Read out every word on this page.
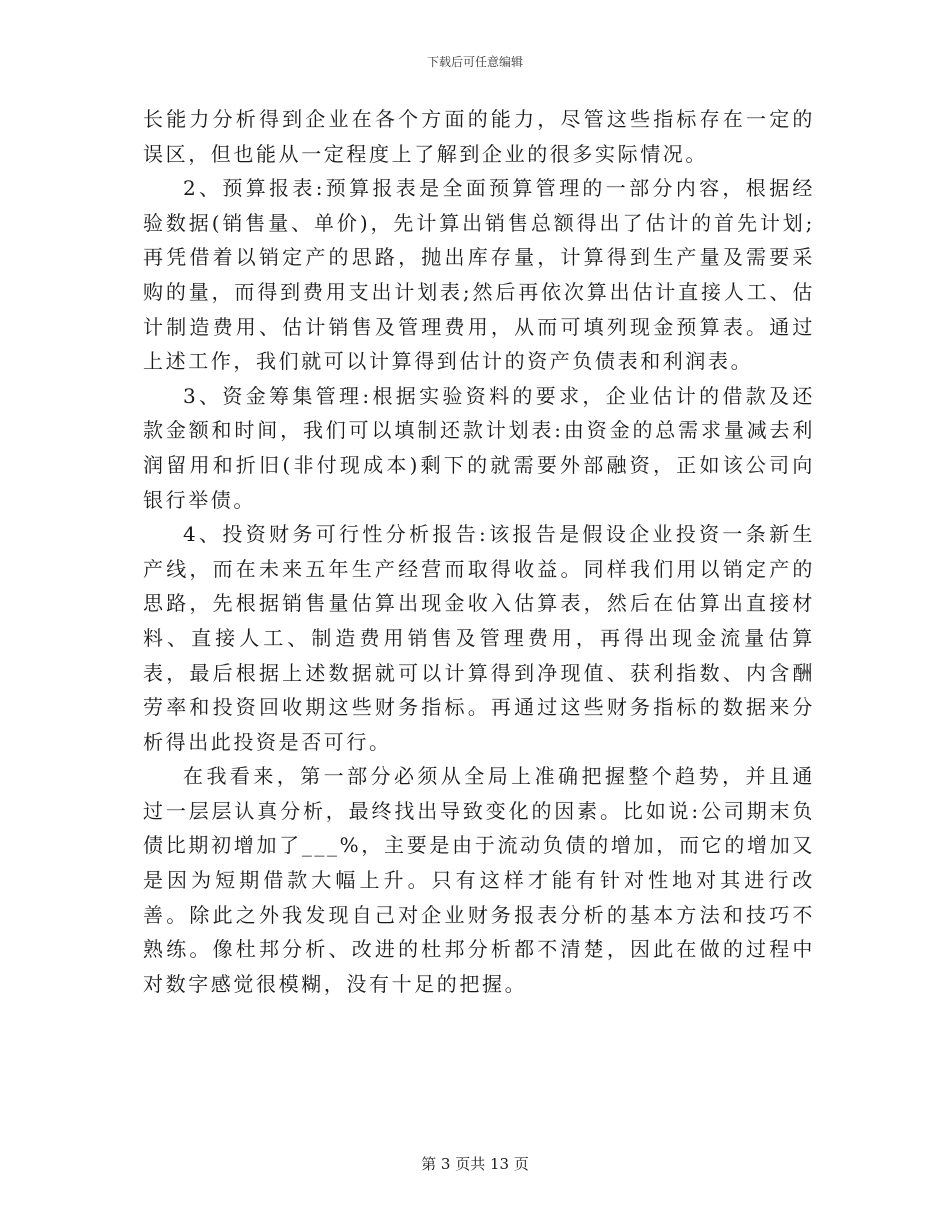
下载后可任意编辑

长能力分析得到企业在各个方面的能力，尽管这些指标存在一定的误区，但也能从一定程度上了解到企业的很多实际情况。

2、预算报表:预算报表是全面预算管理的一部分内容，根据经验数据(销售量、单价)，先计算出销售总额得出了估计的首先计划;再凭借着以销定产的思路，抛出库存量，计算得到生产量及需要采购的量，而得到费用支出计划表;然后再依次算出估计直接人工、估计制造费用、估计销售及管理费用，从而可填列现金预算表。通过上述工作，我们就可以计算得到估计的资产负债表和利润表。

3、资金筹集管理:根据实验资料的要求，企业估计的借款及还款金额和时间，我们可以填制还款计划表:由资金的总需求量减去利润留用和折旧(非付现成本)剩下的就需要外部融资，正如该公司向银行举债。

4、投资财务可行性分析报告:该报告是假设企业投资一条新生产线，而在未来五年生产经营而取得收益。同样我们用以销定产的思路，先根据销售量估算出现金收入估算表，然后在估算出直接材料、直接人工、制造费用销售及管理费用，再得出现金流量估算表，最后根据上述数据就可以计算得到净现值、获利指数、内含酬劳率和投资回收期这些财务指标。再通过这些财务指标的数据来分析得出此投资是否可行。

在我看来，第一部分必须从全局上准确把握整个趋势，并且通过一层层认真分析，最终找出导致变化的因素。比如说:公司期末负债比期初增加了___%，主要是由于流动负债的增加，而它的增加又是因为短期借款大幅上升。只有这样才能有针对性地对其进行改善。除此之外我发现自己对企业财务报表分析的基本方法和技巧不熟练。像杜邦分析、改进的杜邦分析都不清楚，因此在做的过程中对数字感觉很模糊，没有十足的把握。

第 3 页共 13 页
